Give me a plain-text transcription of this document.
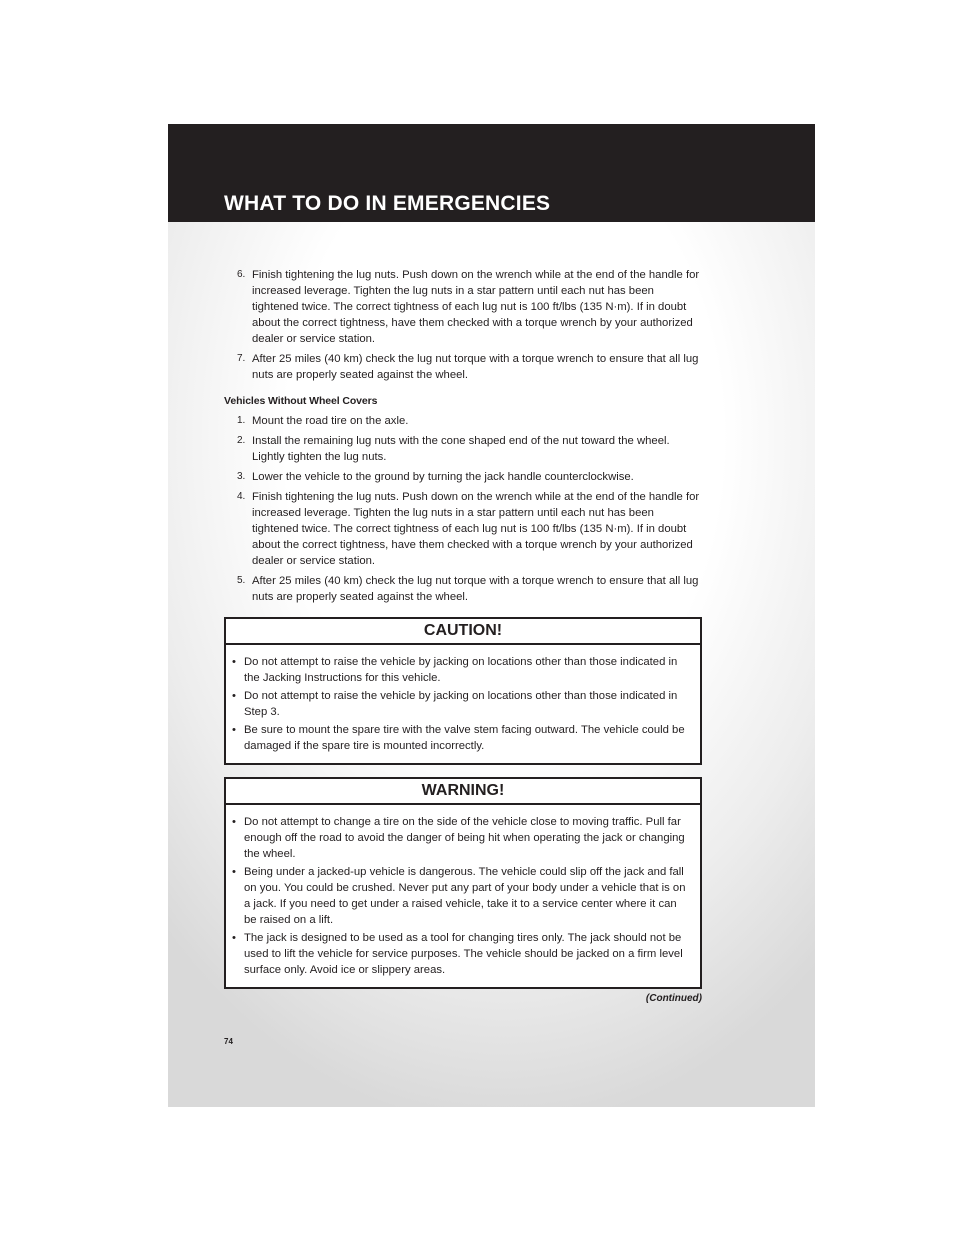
WHAT TO DO IN EMERGENCIES
6. Finish tightening the lug nuts. Push down on the wrench while at the end of the handle for increased leverage. Tighten the lug nuts in a star pattern until each nut has been tightened twice. The correct tightness of each lug nut is 100 ft/lbs (135 N·m). If in doubt about the correct tightness, have them checked with a torque wrench by your authorized dealer or service station.
7. After 25 miles (40 km) check the lug nut torque with a torque wrench to ensure that all lug nuts are properly seated against the wheel.
Vehicles Without Wheel Covers
1. Mount the road tire on the axle.
2. Install the remaining lug nuts with the cone shaped end of the nut toward the wheel. Lightly tighten the lug nuts.
3. Lower the vehicle to the ground by turning the jack handle counterclockwise.
4. Finish tightening the lug nuts. Push down on the wrench while at the end of the handle for increased leverage. Tighten the lug nuts in a star pattern until each nut has been tightened twice. The correct tightness of each lug nut is 100 ft/lbs (135 N·m). If in doubt about the correct tightness, have them checked with a torque wrench by your authorized dealer or service station.
5. After 25 miles (40 km) check the lug nut torque with a torque wrench to ensure that all lug nuts are properly seated against the wheel.
CAUTION!
• Do not attempt to raise the vehicle by jacking on locations other than those indicated in the Jacking Instructions for this vehicle.
• Do not attempt to raise the vehicle by jacking on locations other than those indicated in Step 3.
• Be sure to mount the spare tire with the valve stem facing outward. The vehicle could be damaged if the spare tire is mounted incorrectly.
WARNING!
• Do not attempt to change a tire on the side of the vehicle close to moving traffic. Pull far enough off the road to avoid the danger of being hit when operating the jack or changing the wheel.
• Being under a jacked-up vehicle is dangerous. The vehicle could slip off the jack and fall on you. You could be crushed. Never put any part of your body under a vehicle that is on a jack. If you need to get under a raised vehicle, take it to a service center where it can be raised on a lift.
• The jack is designed to be used as a tool for changing tires only. The jack should not be used to lift the vehicle for service purposes. The vehicle should be jacked on a firm level surface only. Avoid ice or slippery areas.
(Continued)
74
